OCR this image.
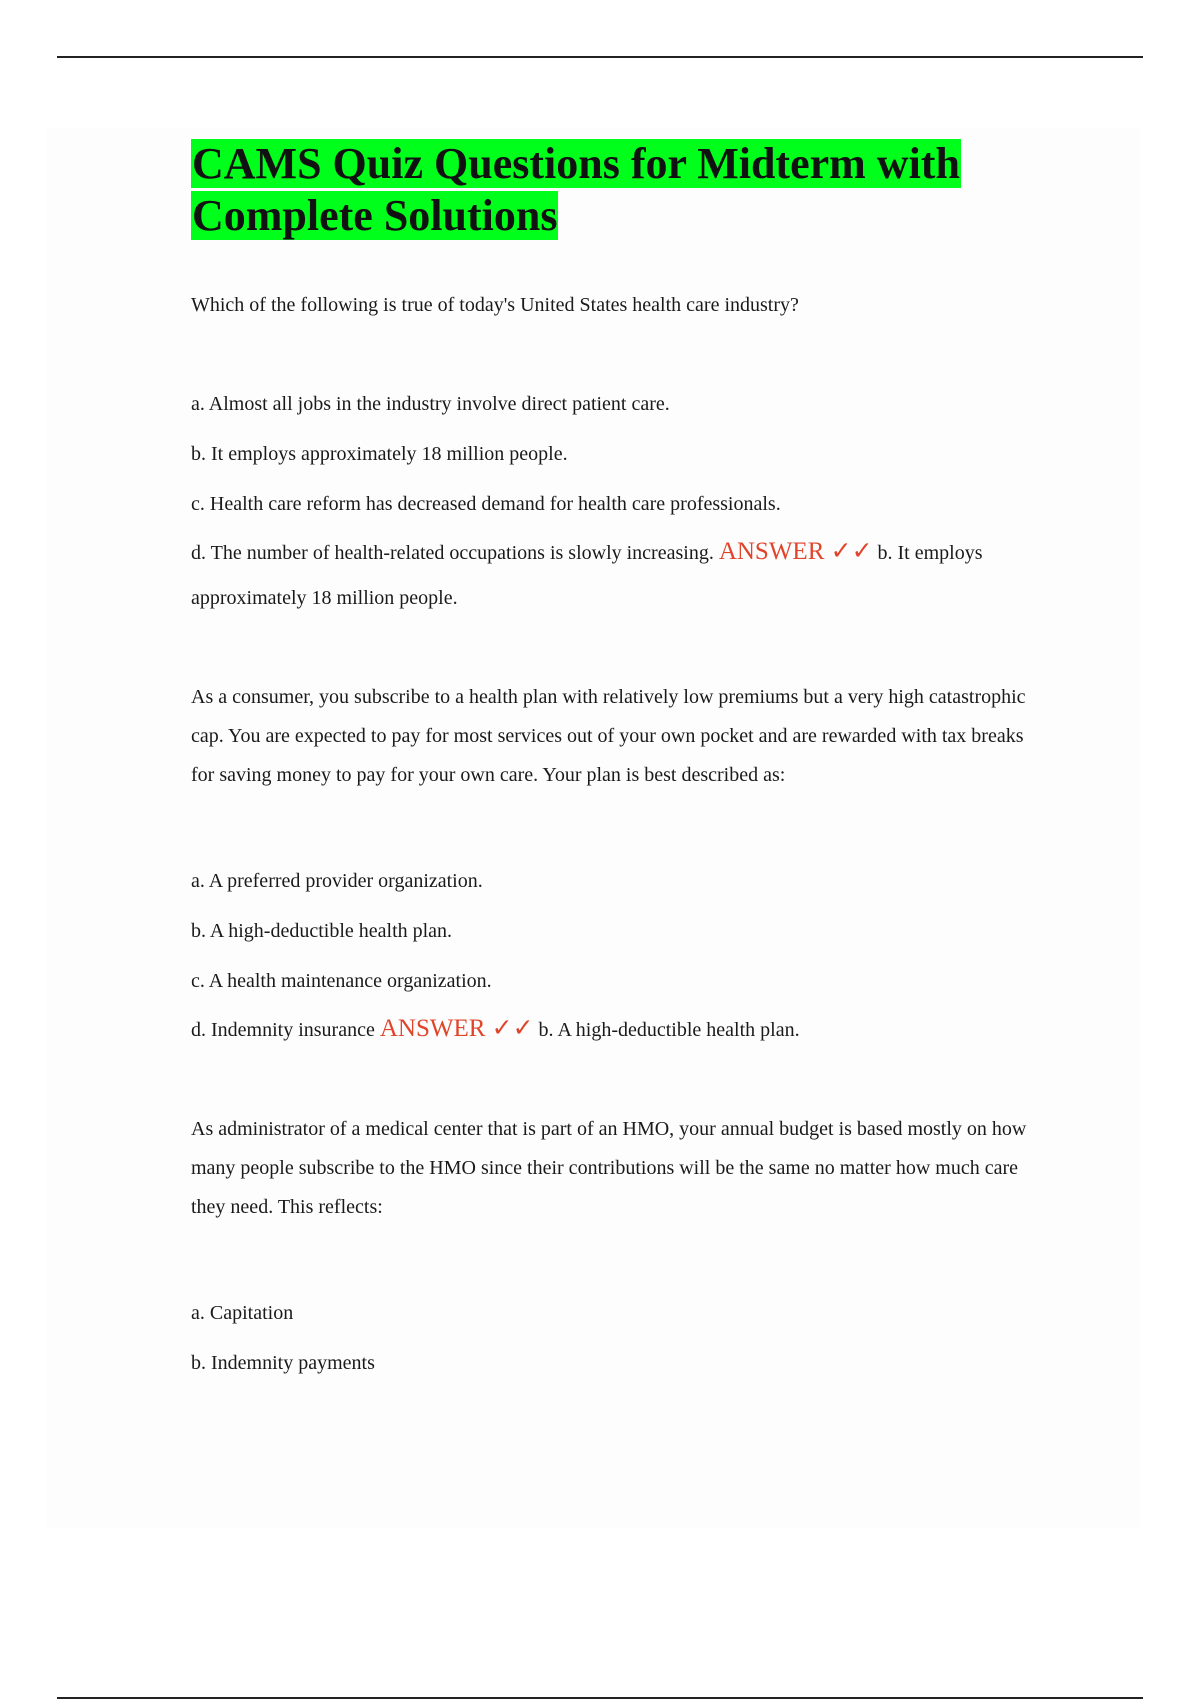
CAMS Quiz Questions for Midterm with Complete Solutions

Which of the following is true of today's United States health care industry?

a. Almost all jobs in the industry involve direct patient care.

b. It employs approximately 18 million people.

c. Health care reform has decreased demand for health care professionals.

d. The number of health-related occupations is slowly increasing. ANSWER ✓✓ b. It employs approximately 18 million people.

As a consumer, you subscribe to a health plan with relatively low premiums but a very high catastrophic cap. You are expected to pay for most services out of your own pocket and are rewarded with tax breaks for saving money to pay for your own care. Your plan is best described as:

a. A preferred provider organization.

b. A high-deductible health plan.

c. A health maintenance organization.

d. Indemnity insurance ANSWER ✓✓ b. A high-deductible health plan.

As administrator of a medical center that is part of an HMO, your annual budget is based mostly on how many people subscribe to the HMO since their contributions will be the same no matter how much care they need. This reflects:

a. Capitation

b. Indemnity payments
